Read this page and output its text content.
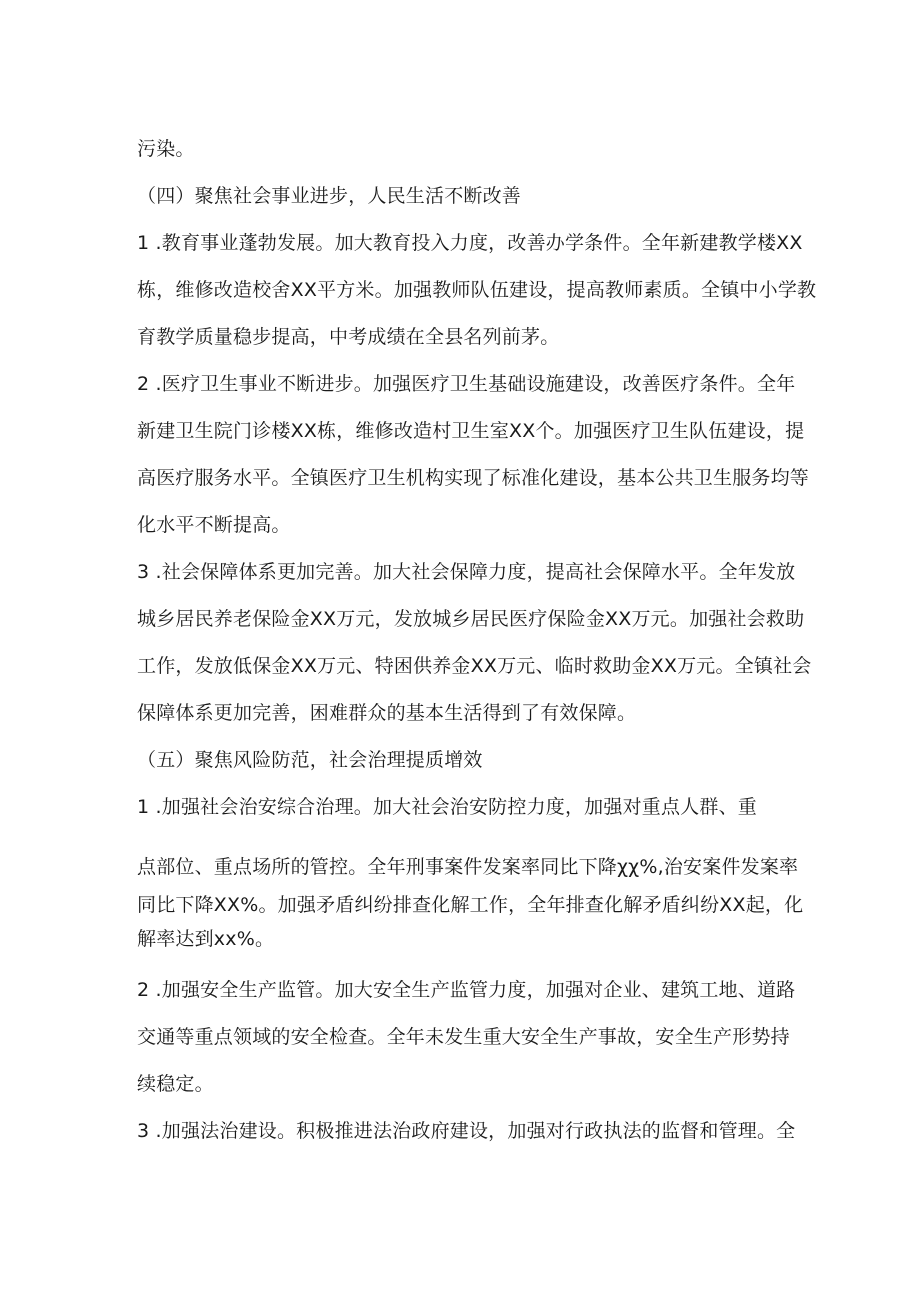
污染。
（四）聚焦社会事业进步，人民生活不断改善
1 .教育事业蓬勃发展。加大教育投入力度，改善办学条件。全年新建教学楼XX
栋，维修改造校舍XX平方米。加强教师队伍建设，提高教师素质。全镇中小学教
育教学质量稳步提高，中考成绩在全县名列前茅。
2 .医疗卫生事业不断进步。加强医疗卫生基础设施建设，改善医疗条件。全年
新建卫生院门诊楼XX栋，维修改造村卫生室XX个。加强医疗卫生队伍建设，提
高医疗服务水平。全镇医疗卫生机构实现了标准化建设，基本公共卫生服务均等
化水平不断提高。
3 .社会保障体系更加完善。加大社会保障力度，提高社会保障水平。全年发放
城乡居民养老保险金XX万元，发放城乡居民医疗保险金XX万元。加强社会救助
工作，发放低保金XX万元、特困供养金XX万元、临时救助金XX万元。全镇社会
保障体系更加完善，困难群众的基本生活得到了有效保障。
（五）聚焦风险防范，社会治理提质增效
1 .加强社会治安综合治理。加大社会治安防控力度，加强对重点人群、重
点部位、重点场所的管控。全年刑事案件发案率同比下降χχ%,治安案件发案率
同比下降XX%。加强矛盾纠纷排查化解工作，全年排查化解矛盾纠纷XX起，化
解率达到xx%。
2 .加强安全生产监管。加大安全生产监管力度，加强对企业、建筑工地、道路
交通等重点领域的安全检查。全年未发生重大安全生产事故，安全生产形势持
续稳定。
3 .加强法治建设。积极推进法治政府建设，加强对行政执法的监督和管理。全
